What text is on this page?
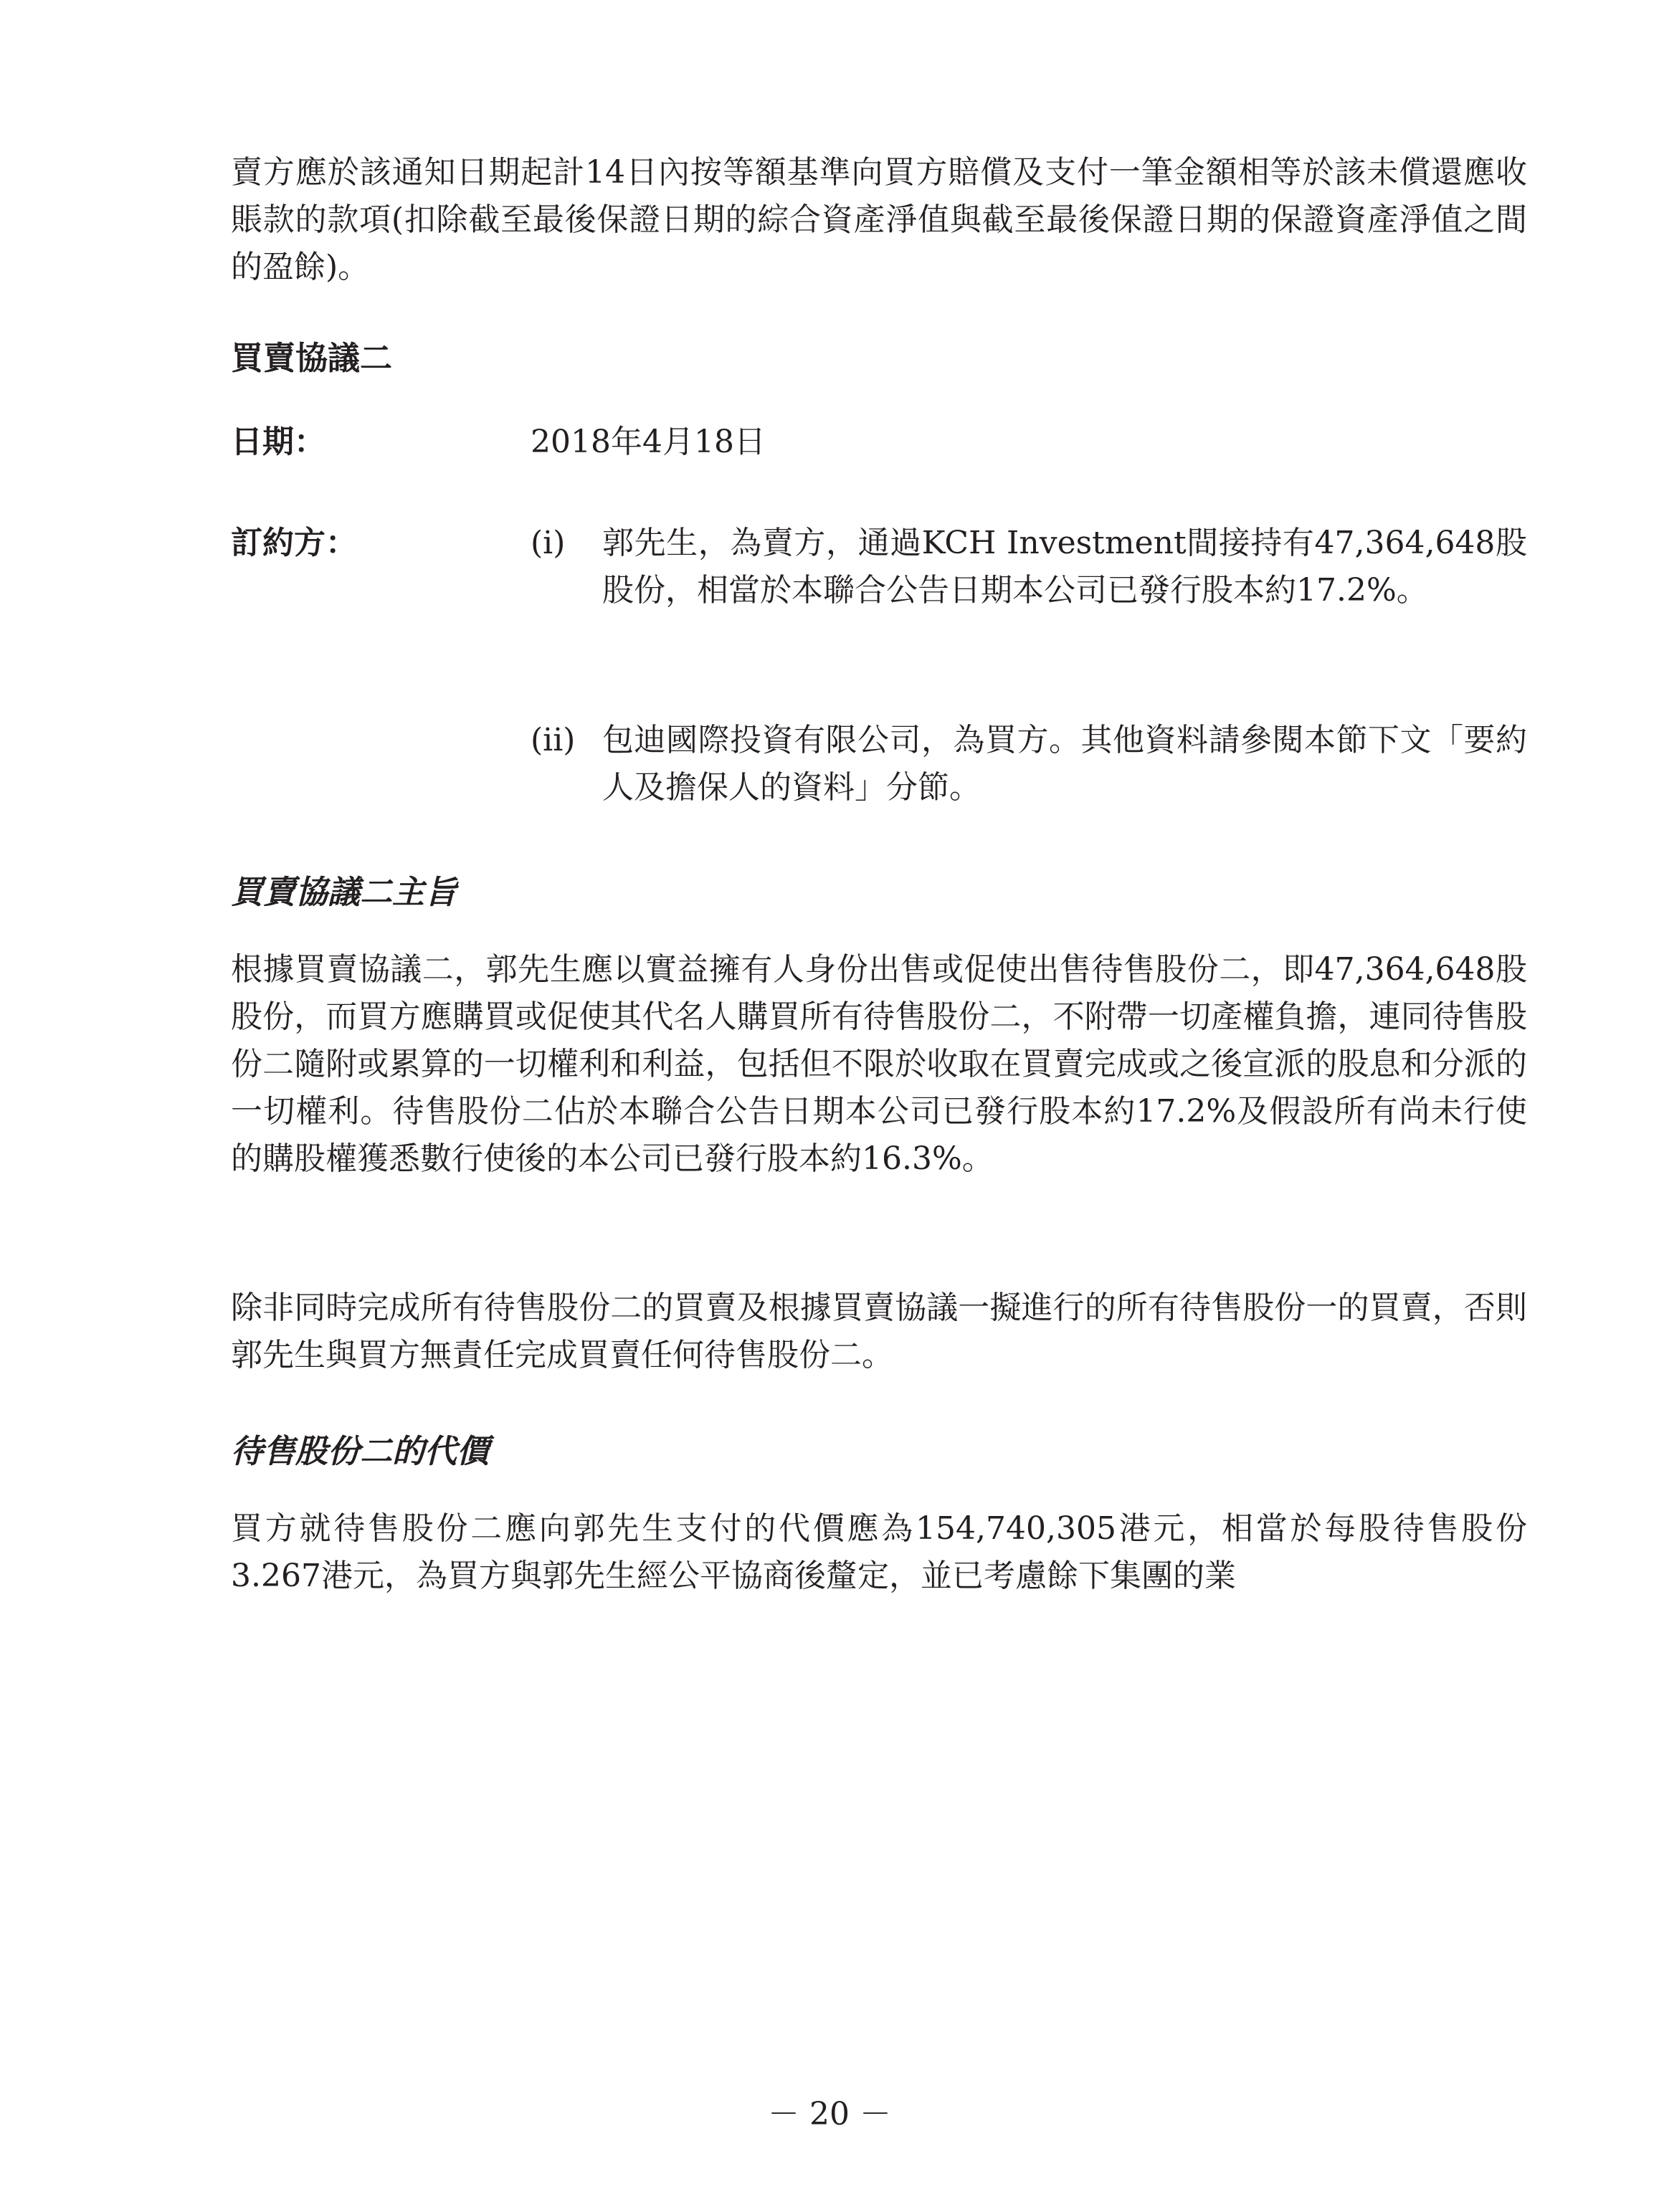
賣方應於該通知日期起計14日內按等額基準向買方賠償及支付一筆金額相等於該未償還應收賬款的款項(扣除截至最後保證日期的綜合資產淨值與截至最後保證日期的保證資產淨值之間的盈餘)。

買賣協議二
日期：	2018年4月18日
訂約方：	(i) 郭先生，為賣方，通過KCH Investment間接持有47,364,648股股份，相當於本聯合公告日期本公司已發行股本約17.2%。
(ii) 包迪國際投資有限公司，為買方。其他資料請參閱本節下文「要約人及擔保人的資料」分節。
買賣協議二主旨

根據買賣協議二，郭先生應以實益擁有人身份出售或促使出售待售股份二，即47,364,648股股份，而買方應購買或促使其代名人購買所有待售股份二，不附帶一切產權負擔，連同待售股份二隨附或累算的一切權利和利益，包括但不限於收取在買賣完成或之後宣派的股息和分派的一切權利。待售股份二佔於本聯合公告日期本公司已發行股本約17.2%及假設所有尚未行使的購股權獲悉數行使後的本公司已發行股本約16.3%。

除非同時完成所有待售股份二的買賣及根據買賣協議一擬進行的所有待售股份一的買賣，否則郭先生與買方無責任完成買賣任何待售股份二。

待售股份二的代價

買方就待售股份二應向郭先生支付的代價應為154,740,305港元，相當於每股待售股份3.267港元，為買方與郭先生經公平協商後釐定，並已考慮餘下集團的業

－ 20 －
